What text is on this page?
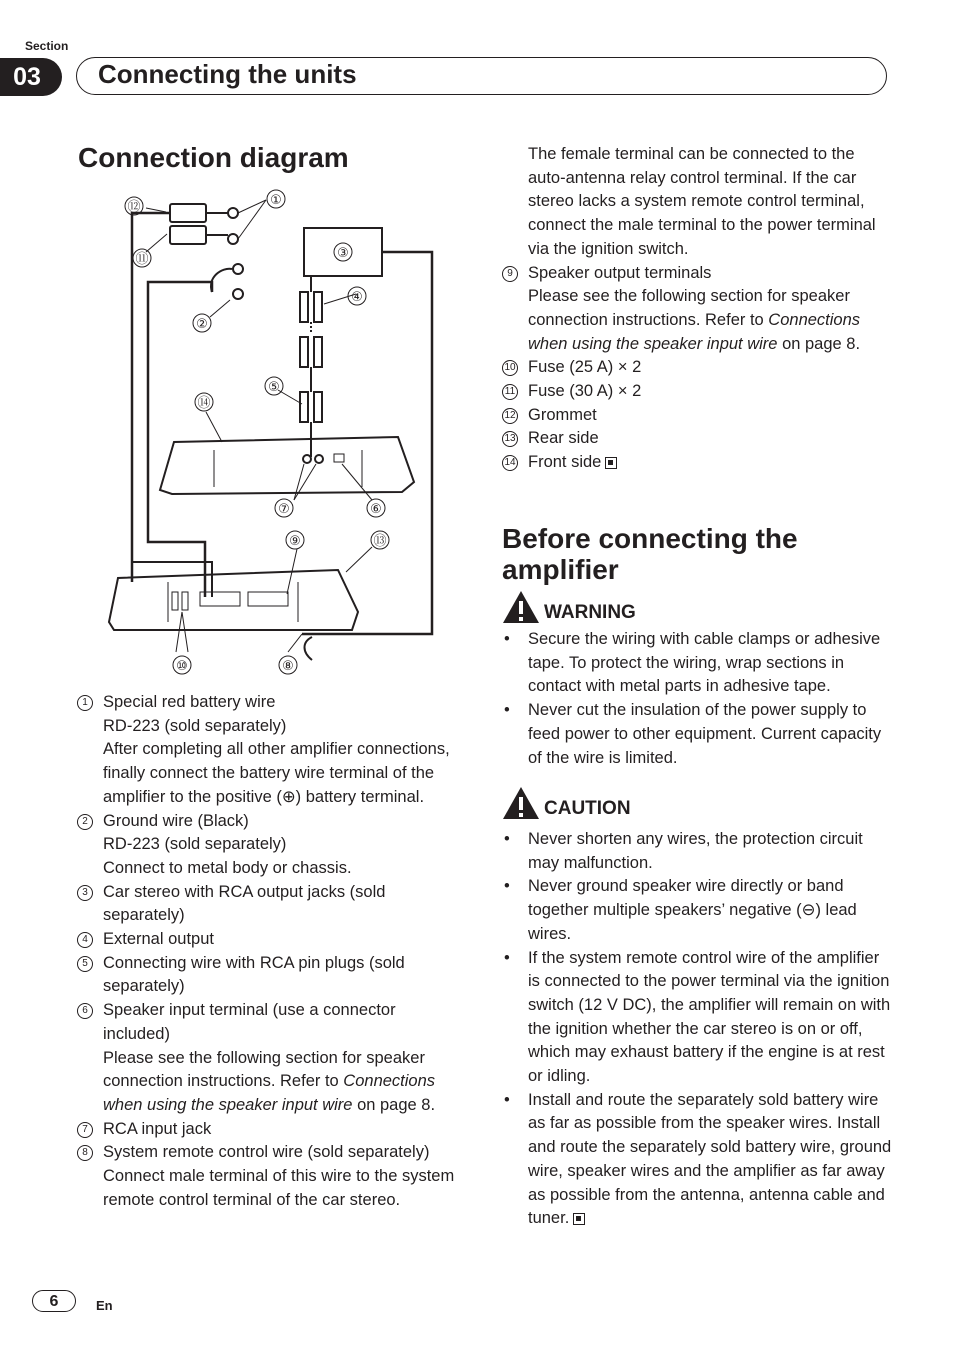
Section
03	Connecting the units
Connection diagram
①
②
③
④
⑤
⑥
⑦
⑧
⑨
⑩
⑪
⑫
⑬
⑭
1 Special red battery wire
RD-223 (sold separately)
After completing all other amplifier connections, finally connect the battery wire terminal of the amplifier to the positive (⊕) battery terminal.
2 Ground wire (Black)
RD-223 (sold separately)
Connect to metal body or chassis.
3 Car stereo with RCA output jacks (sold separately)
4 External output
5 Connecting wire with RCA pin plugs (sold separately)
6 Speaker input terminal (use a connector included)
Please see the following section for speaker connection instructions. Refer to Connections when using the speaker input wire on page 8.
7 RCA input jack
8 System remote control wire (sold separately)
Connect male terminal of this wire to the system remote control terminal of the car stereo.
The female terminal can be connected to the auto-antenna relay control terminal. If the car stereo lacks a system remote control terminal, connect the male terminal to the power terminal via the ignition switch.
9 Speaker output terminals
Please see the following section for speaker connection instructions. Refer to Connections when using the speaker input wire on page 8.
10 Fuse (25 A) × 2
11 Fuse (30 A) × 2
12 Grommet
13 Rear side
14 Front side
Before connecting the
amplifier
WARNING
• Secure the wiring with cable clamps or adhesive tape. To protect the wiring, wrap sections in contact with metal parts in adhesive tape.
• Never cut the insulation of the power supply to feed power to other equipment. Current capacity of the wire is limited.
CAUTION
• Never shorten any wires, the protection circuit may malfunction.
• Never ground speaker wire directly or band together multiple speakers’ negative (⊖) lead wires.
• If the system remote control wire of the amplifier is connected to the power terminal via the ignition switch (12 V DC), the amplifier will remain on with the ignition whether the car stereo is on or off, which may exhaust battery if the engine is at rest or idling.
• Install and route the separately sold battery wire as far as possible from the speaker wires. Install and route the separately sold battery wire, ground wire, speaker wires and the amplifier as far away as possible from the antenna, antenna cable and tuner.
6	En
